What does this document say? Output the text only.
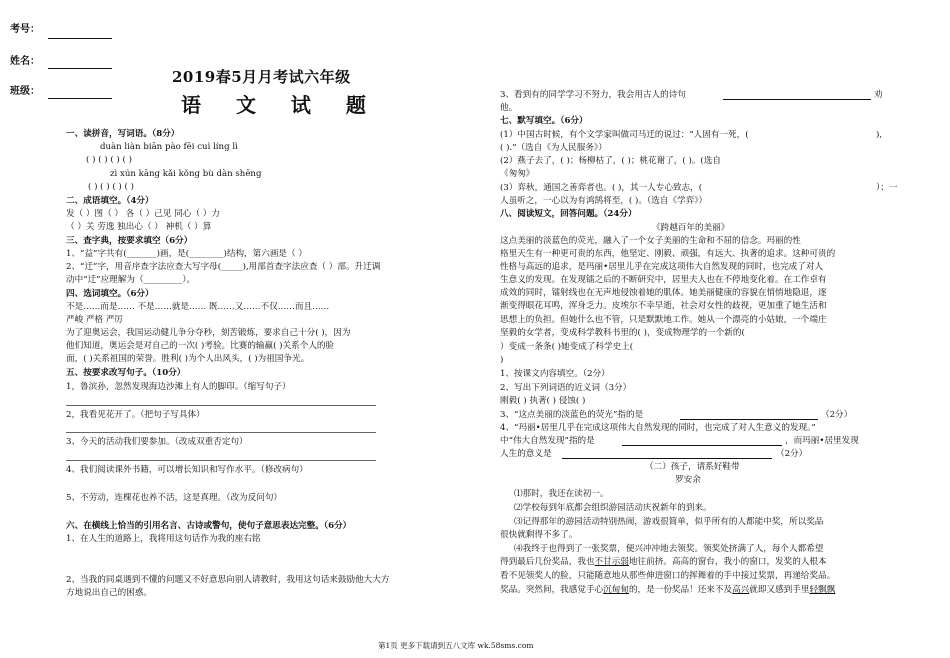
考号：
姓名：
班级：
2019春5月月考试六年级
语 文 试 题
一、读拼音，写词语。（8分）
duàn liàn biān pào fēi cuì líng lì
( ) ( ) ( ) ( )
zì xún kāng kǎi kǒng bù dàn shēng
( ) ( ) ( ) ( )
二、成语填空。（4分）
发（ ）图（ ） 各（ ）己见 同心（ ）力
（ ）关 劳逸 独出心（ ） 神机（ ）算
三、查字典，按要求填空（6分）
1、“益”字共有(_______)画，是(________)结构，第六画是（ ）
2、“迁”字，用音序查字法应查大写字母(_____),用部首查字法应查（ ）部。升迁调
动中“迁”应理解为（_________）。
四、选词填空。（6分）
不是……而是…… 不是……就是…… 既……又……不仅……而且……
严峻 严格 严厉
为了迎奥运会，我国运动健儿争分夺秒，刻苦锻炼，要求自己十分( )，因为
他们知道，奥运会是对自己的一次( )考验。比赛的输赢( )关系个人的脸
面，( )关系祖国的荣誉。胜利( )为个人出风头，( )为祖国争光。
五、按要求改写句子。（10分）
1，鲁滨孙，忽然发现海边沙滩上有人的脚印。（缩写句子）
2，我看见花开了。（把句子写具体）
3、今天的活动我们要参加。（改成双重否定句）
4、我们阅读课外书籍，可以增长知识和写作水平。（修改病句）
5、不劳动，连棵花也养不活，这是真理。（改为反问句）
六、在横线上恰当的引用名言、古诗或警句，使句子意思表达完整。（6分）
1、在人生的道路上，我将用这句话作为我的座右铭
2、当我的同桌遇到不懂的问题又不好意思向别人请教时，我用这句话来鼓励他大大方
方地说出自己的困惑。
3、看到有的同学学习不努力，我会用古人的诗句	劝
他。
七、默写填空。（6分）
(1）中国古时候，有个文学家叫做司马迁的说过：“人固有一死，(	),
( ).”（选自《为人民服务》）
(2）燕子去了，( )；杨柳枯了，( )；桃花谢了，( )。(选自
《匆匆》
(3）弈秋，通国之善弈者也。( )，其一人专心致志，(	）；一
人虽听之，一心以为有鸿鹄将至，( )。（选自《学弈》）
八、阅读短文，回答问题。（24分）
《跨越百年的美丽》
这点美丽的淡蓝色的荧光，融入了一个女子美丽的生命和不屈的信念。玛丽的性
格里天生有一种更可贵的东西，他坚定、刚毅、顽强，有远大、执著的追求。这种可贵的
性格与高远的追求，是玛丽•居里儿乎在完成这项伟大自然发现的同时，也完成了对人
生意义的发现。在发现镭之后的不断研究中，居里夫人也在不停地变化着。在工作卓有
成效的同时，镭射线也在无声地侵蚀着她的肌体。她美丽健康的容貌在悄悄地隐退，逐
渐变得眼花耳鸣，浑身乏力。皮埃尔不幸早逝，社会对女性的歧视，更加重了她生活和
思想上的负担。但她什么也不管，只是默默地工作。她从一个漂亮的小姑娘，一个端庄
坚毅的女学者，变成科学教科书里的( )，变成物理学的一个新的(
）变成一条条( )她变成了科学史上(
)
1、按课文内容填空。（2分）
2、写出下列词语的近义词（3分）
刚毅( ) 执著( ) 侵蚀( )
3、“这点美丽的淡蓝色的荧光”指的是	（2分）
4、“玛丽•居里几乎在完成这项伟大自然发现的同时，也完成了对人生意义的发现。”
中“伟大自然发现”指的是	，而玛丽•居里发现
人生的意义是	（2分）
（二）孩子，请系好鞋带
罗安余
⑴那时，我还在读初一。
⑵学校每到年底都会组织游园活动庆祝新年的到来。
⑶记得那年的游园活动特别热闹，游戏很简单，似乎所有的人都能中奖，所以奖品
很快就剩得不多了。
⑷我终于也得到了一张奖票，便兴冲冲地去领奖。领奖处挤满了人，每个人都希望
得到最后几份奖品，我也不甘示弱地往前挤。高高的窗台，我小的窗口，发奖的人根本
看不见领奖人的脸，只能随意地从那些伸进窗口的挥舞着的手中接过奖票，再递给奖品。
奖品。突然间，我感觉手心沉甸甸的，是一份奖品！还来不及高兴就即又感到手里轻飘飘
第1页 更多下载请到五八文库 wk.58sms.com
